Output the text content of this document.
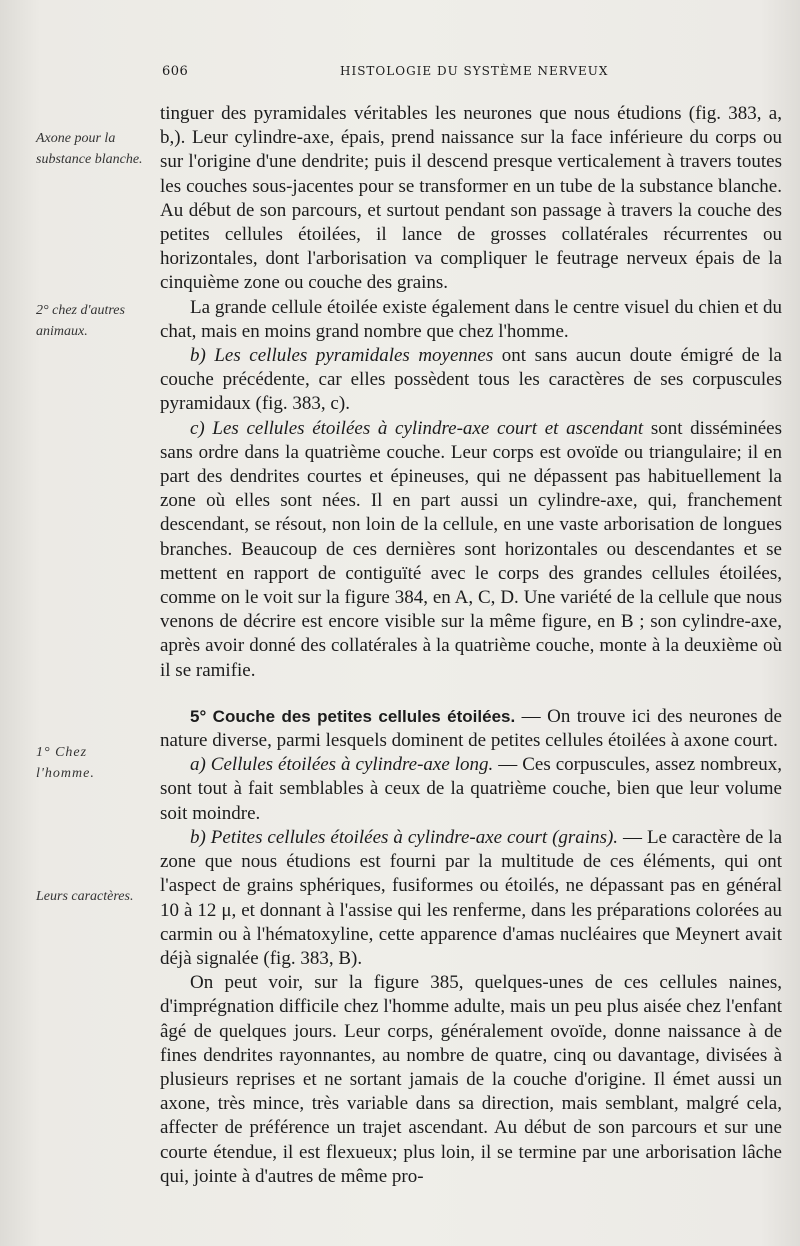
606	HISTOLOGIE DU SYSTÈME NERVEUX
Axone pour la substance blanche.
2° chez d'autres animaux.
1° Chez l'homme.
Leurs caractères.

tinguer des pyramidales véritables les neurones que nous étudions (fig. 383, a, b,). Leur cylindre-axe, épais, prend naissance sur la face inférieure du corps ou sur l'origine d'une dendrite; puis il descend presque verticalement à travers toutes les couches sous-jacentes pour se transformer en un tube de la substance blanche. Au début de son parcours, et surtout pendant son passage à travers la couche des petites cellules étoilées, il lance de grosses collatérales récurrentes ou horizontales, dont l'arborisation va compliquer le feutrage nerveux épais de la cinquième zone ou couche des grains.

La grande cellule étoilée existe également dans le centre visuel du chien et du chat, mais en moins grand nombre que chez l'homme.

b) Les cellules pyramidales moyennes ont sans aucun doute émigré de la couche précédente, car elles possèdent tous les caractères de ses corpuscules pyramidaux (fig. 383, c).

c) Les cellules étoilées à cylindre-axe court et ascendant sont disséminées sans ordre dans la quatrième couche. Leur corps est ovoïde ou triangulaire; il en part des dendrites courtes et épineuses, qui ne dépassent pas habituellement la zone où elles sont nées. Il en part aussi un cylindre-axe, qui, franchement descendant, se résout, non loin de la cellule, en une vaste arborisation de longues branches. Beaucoup de ces dernières sont horizontales ou descendantes et se mettent en rapport de contiguïté avec le corps des grandes cellules étoilées, comme on le voit sur la figure 384, en A, C, D. Une variété de la cellule que nous venons de décrire est encore visible sur la même figure, en B ; son cylindre-axe, après avoir donné des collatérales à la quatrième couche, monte à la deuxième où il se ramifie.

5° Couche des petites cellules étoilées. — On trouve ici des neurones de nature diverse, parmi lesquels dominent de petites cellules étoilées à axone court.

a) Cellules étoilées à cylindre-axe long. — Ces corpuscules, assez nombreux, sont tout à fait semblables à ceux de la quatrième couche, bien que leur volume soit moindre.

b) Petites cellules étoilées à cylindre-axe court (grains). — Le caractère de la zone que nous étudions est fourni par la multitude de ces éléments, qui ont l'aspect de grains sphériques, fusiformes ou étoilés, ne dépassant pas en général 10 à 12 μ, et donnant à l'assise qui les renferme, dans les préparations colorées au carmin ou à l'hématoxyline, cette apparence d'amas nucléaires que Meynert avait déjà signalée (fig. 383, B).

On peut voir, sur la figure 385, quelques-unes de ces cellules naines, d'imprégnation difficile chez l'homme adulte, mais un peu plus aisée chez l'enfant âgé de quelques jours. Leur corps, généralement ovoïde, donne naissance à de fines dendrites rayonnantes, au nombre de quatre, cinq ou davantage, divisées à plusieurs reprises et ne sortant jamais de la couche d'origine. Il émet aussi un axone, très mince, très variable dans sa direction, mais semblant, malgré cela, affecter de préférence un trajet ascendant. Au début de son parcours et sur une courte étendue, il est flexueux; plus loin, il se termine par une arborisation lâche qui, jointe à d'autres de même pro-
